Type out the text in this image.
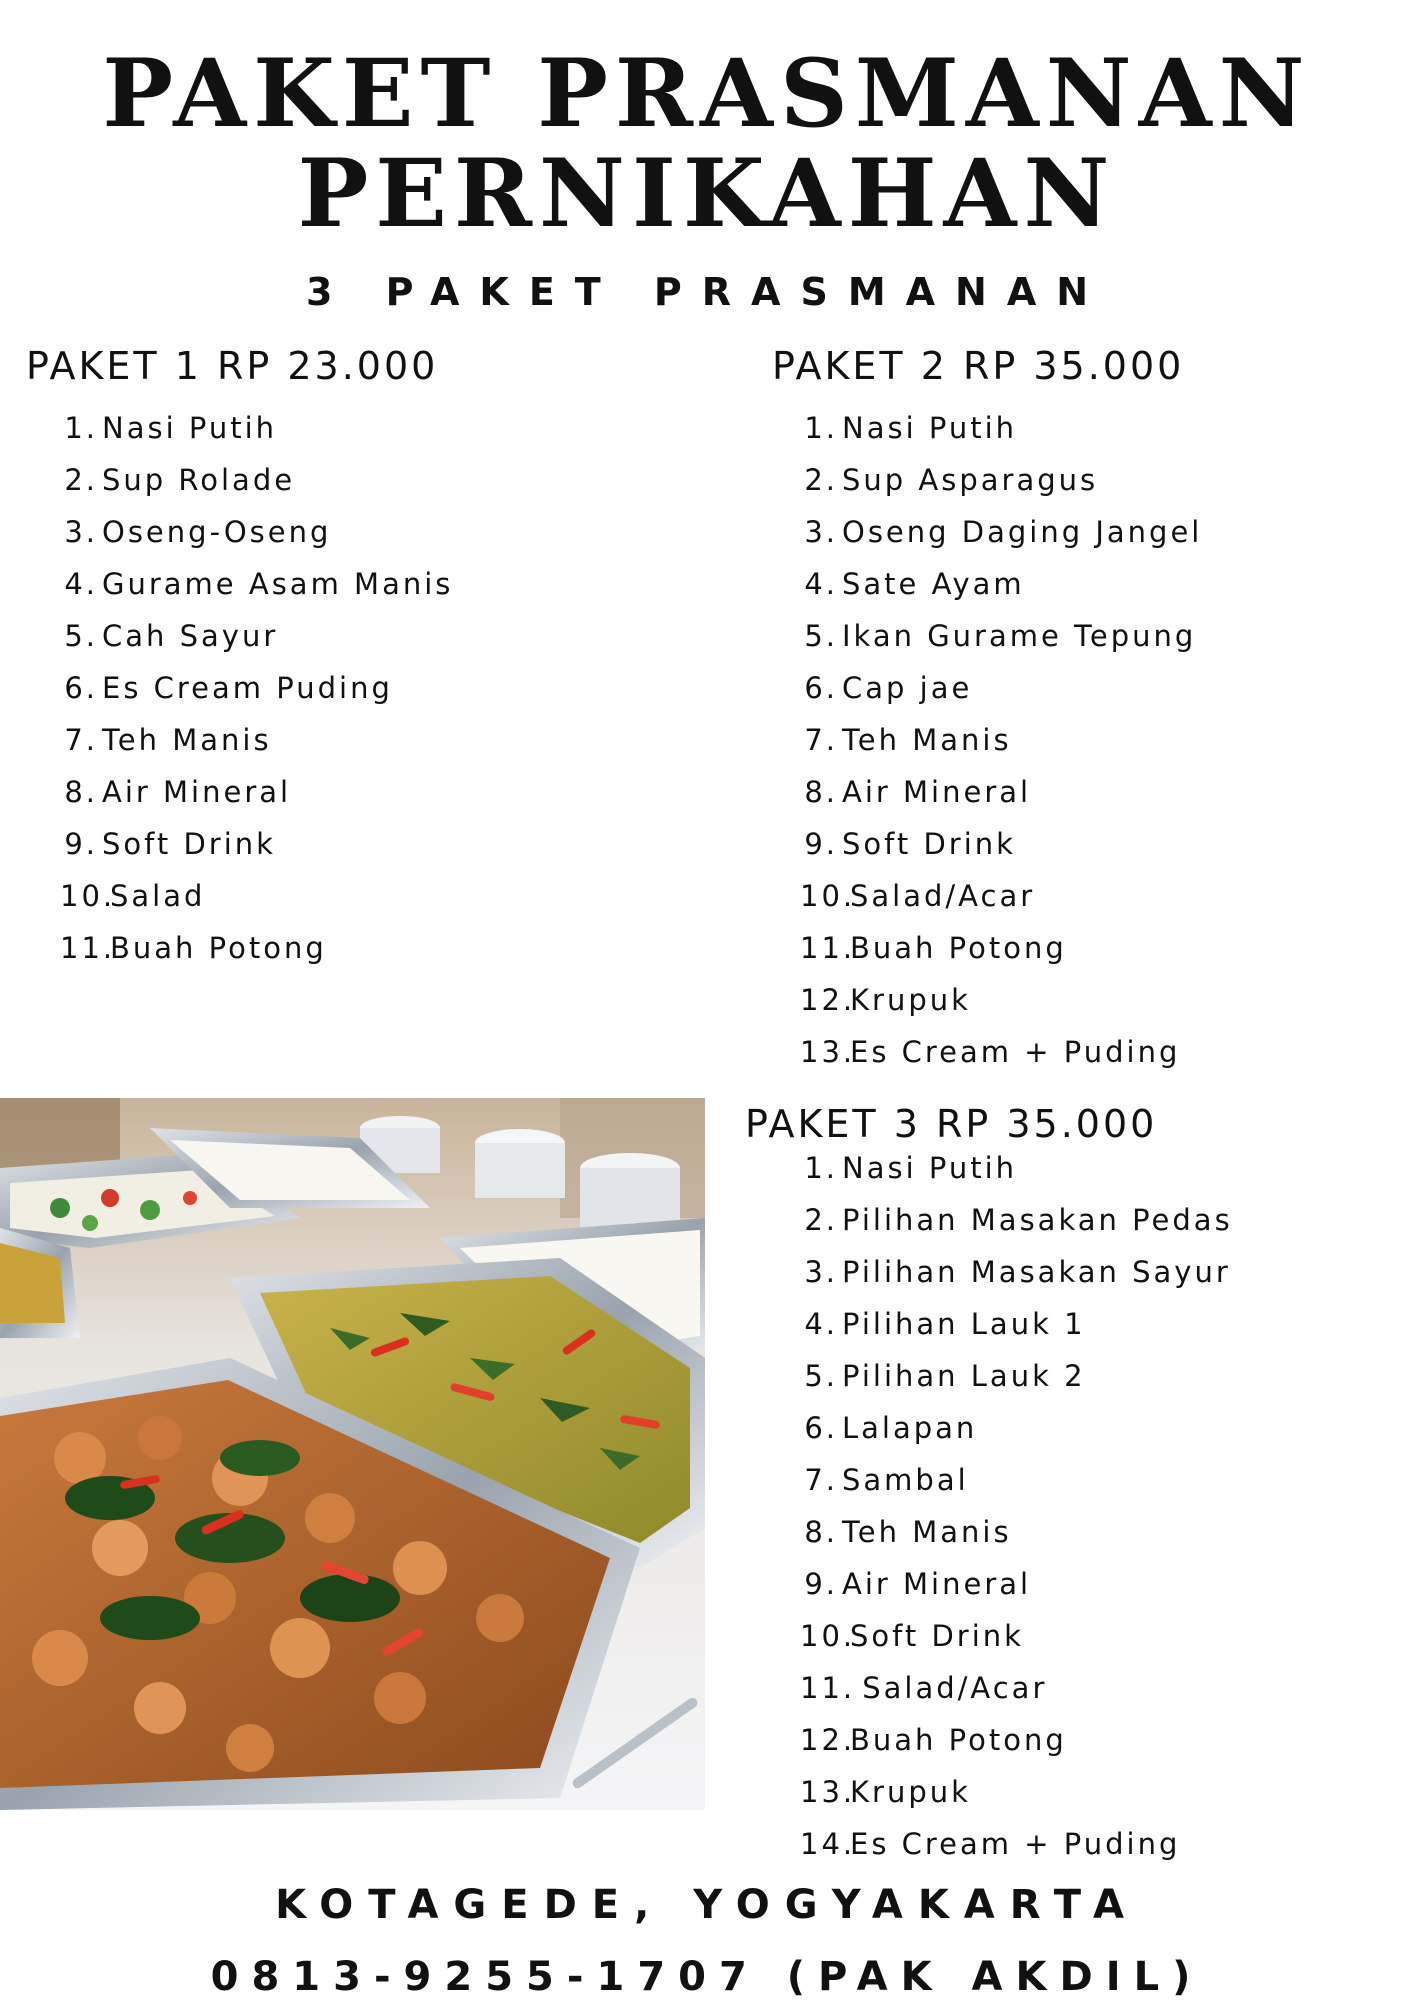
PAKET PRASMANAN
PERNIKAHAN
3 PAKET PRASMANAN
PAKET 1 RP 23.000
1. Nasi Putih
2. Sup Rolade
3. Oseng-Oseng
4. Gurame Asam Manis
5. Cah Sayur
6. Es Cream Puding
7. Teh Manis
8. Air Mineral
9. Soft Drink
10.Salad
11.Buah Potong
PAKET 2 RP 35.000
1. Nasi Putih
2. Sup Asparagus
3. Oseng Daging Jangel
4. Sate Ayam
5. Ikan Gurame Tepung
6. Cap jae
7. Teh Manis
8. Air Mineral
9. Soft Drink
10.Salad/Acar
11.Buah Potong
12.Krupuk
13.Es Cream + Puding
PAKET 3 RP 35.000
1. Nasi Putih
2. Pilihan Masakan Pedas
3. Pilihan Masakan Sayur
4. Pilihan Lauk 1
5. Pilihan Lauk 2
6. Lalapan
7. Sambal
8. Teh Manis
9. Air Mineral
10.Soft Drink
11. Salad/Acar
12.Buah Potong
13.Krupuk
14.Es Cream + Puding
KOTAGEDE, YOGYAKARTA
0813-9255-1707 (PAK AKDIL)
